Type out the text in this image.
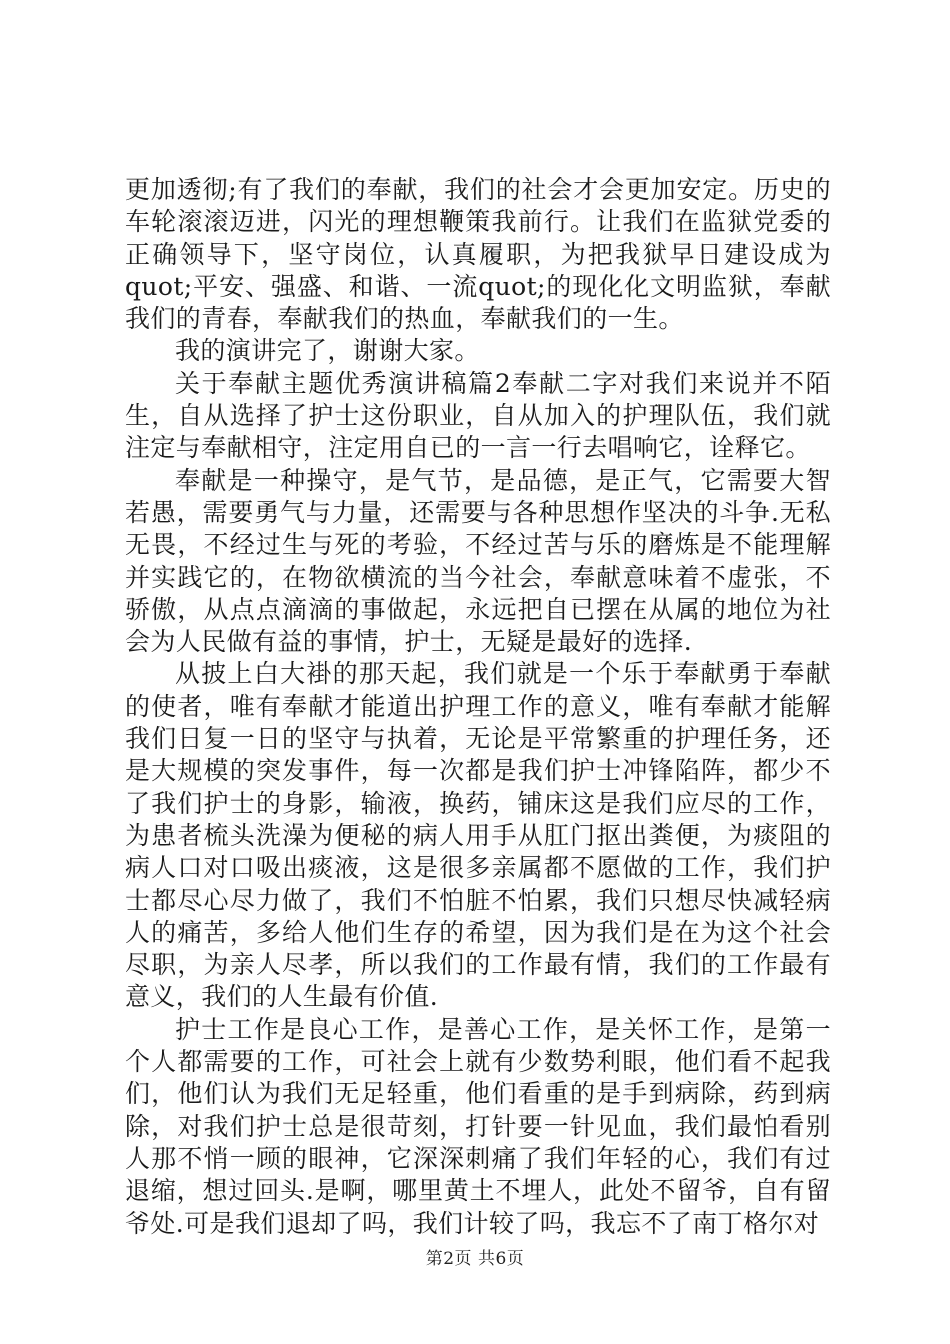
更加透彻;有了我们的奉献，我们的社会才会更加安定。历史的车轮滚滚迈进，闪光的理想鞭策我前行。让我们在监狱党委的正确领导下，坚守岗位，认真履职，为把我狱早日建设成为quot;平安、强盛、和谐、一流quot;的现化化文明监狱，奉献我们的青春，奉献我们的热血，奉献我们的一生。

我的演讲完了，谢谢大家。

关于奉献主题优秀演讲稿篇2奉献二字对我们来说并不陌生，自从选择了护士这份职业，自从加入的护理队伍，我们就注定与奉献相守，注定用自已的一言一行去唱响它，诠释它。

奉献是一种操守，是气节，是品德，是正气，它需要大智若愚，需要勇气与力量，还需要与各种思想作坚决的斗争.无私无畏，不经过生与死的考验，不经过苦与乐的磨炼是不能理解并实践它的，在物欲横流的当今社会，奉献意味着不虚张，不骄傲，从点点滴滴的事做起，永远把自已摆在从属的地位为社会为人民做有益的事情，护士，无疑是最好的选择.

从披上白大褂的那天起，我们就是一个乐于奉献勇于奉献的使者，唯有奉献才能道出护理工作的意义，唯有奉献才能解我们日复一日的坚守与执着，无论是平常繁重的护理任务，还是大规模的突发事件，每一次都是我们护士冲锋陷阵，都少不了我们护士的身影，输液，换药，铺床这是我们应尽的工作，为患者梳头洗澡为便秘的病人用手从肛门抠出粪便，为痰阻的病人口对口吸出痰液，这是很多亲属都不愿做的工作，我们护士都尽心尽力做了，我们不怕脏不怕累，我们只想尽快减轻病人的痛苦，多给人他们生存的希望，因为我们是在为这个社会尽职，为亲人尽孝，所以我们的工作最有情，我们的工作最有意义，我们的人生最有价值.

护士工作是良心工作，是善心工作，是关怀工作，是第一个人都需要的工作，可社会上就有少数势利眼，他们看不起我们，他们认为我们无足轻重，他们看重的是手到病除，药到病除，对我们护士总是很苛刻，打针要一针见血，我们最怕看别人那不悄一顾的眼神，它深深刺痛了我们年轻的心，我们有过退缩，想过回头.是啊，哪里黄土不埋人，此处不留爷，自有留爷处.可是我们退却了吗，我们计较了吗，我忘不了南丁格尔对

第2页 共6页
